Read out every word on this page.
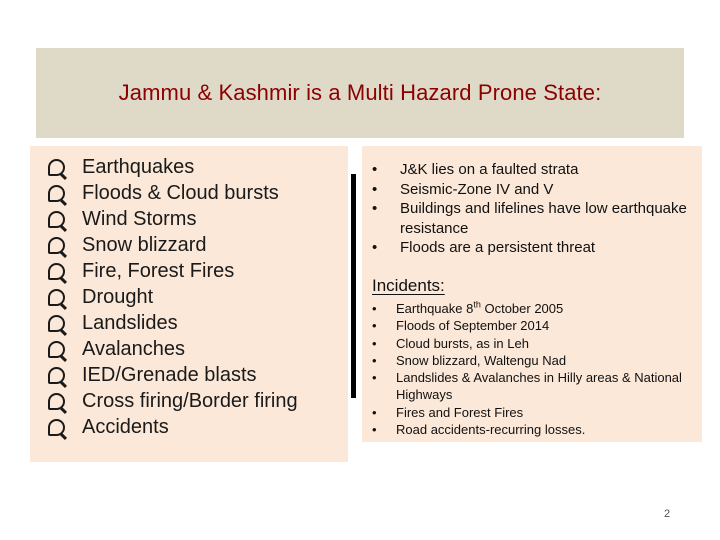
Jammu & Kashmir is a Multi Hazard Prone State:
Earthquakes
Floods & Cloud bursts
Wind Storms
Snow blizzard
Fire, Forest Fires
Drought
Landslides
Avalanches
IED/Grenade blasts
Cross firing/Border firing
Accidents
•	J&K lies on a faulted strata
•	Seismic-Zone IV and V
•	Buildings and lifelines have low earthquake resistance
•	Floods are a persistent threat
Incidents:
•	Earthquake 8th October 2005
•	Floods of September 2014
•	Cloud bursts, as in Leh
•	Snow blizzard, Waltengu Nad
•	Landslides & Avalanches in Hilly areas & National Highways
•	Fires and Forest Fires
•	Road accidents-recurring losses.
2
